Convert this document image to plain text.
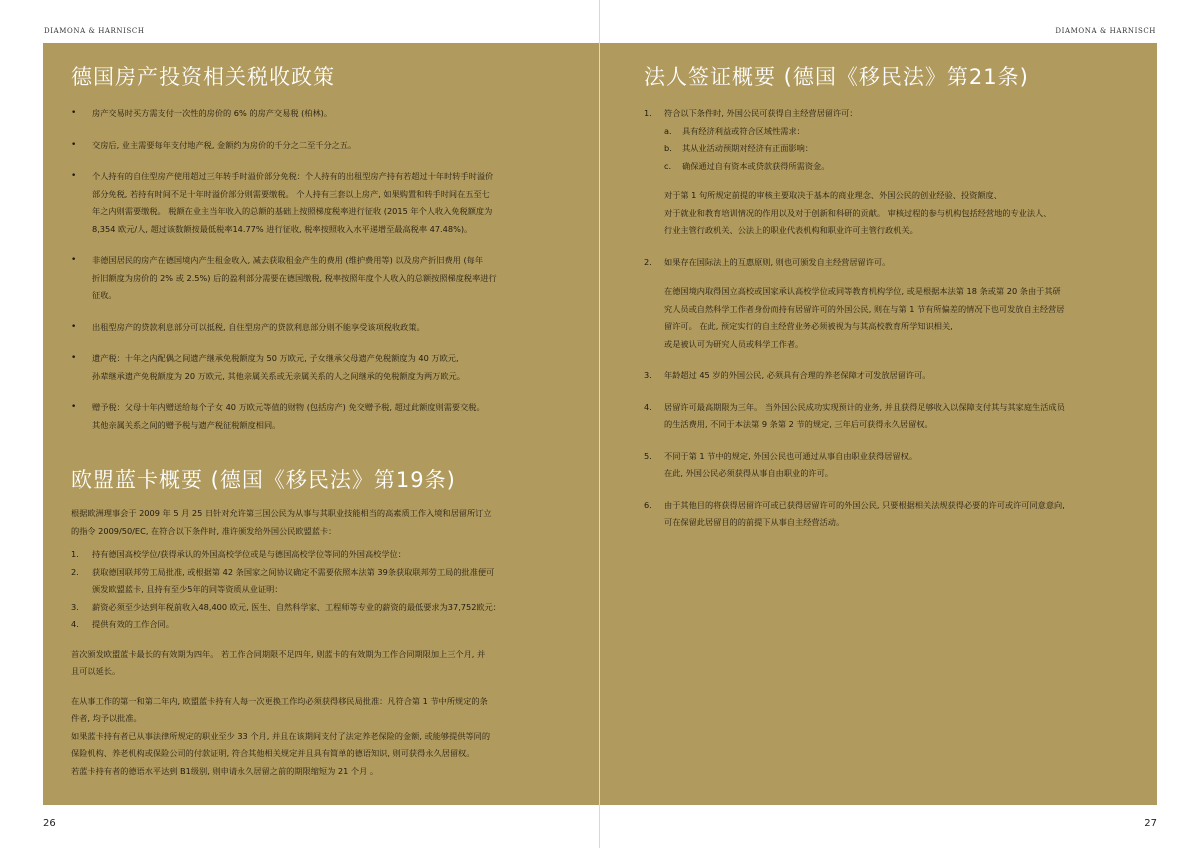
DIAMONA & HARNISCH
德国房产投资相关税收政策
• 房产交易时买方需支付一次性的房价的 6% 的房产交易税 (柏林)。

• 交房后, 业主需要每年支付地产税, 金额约为房价的千分之二至千分之五。

• 个人持有的自住型房产使用超过三年转手时溢价部分免税：个人持有的出租型房产持有若超过十年时转手时溢价

部分免税, 若持有时间不足十年时溢价部分则需要缴税。 个人持有三套以上房产, 如果购置和转手时间在五至七

年之内则需要缴税。 税额在业主当年收入的总额的基础上按照梯度税率进行征收 (2015 年个人收入免税额度为

8,354 欧元/人, 超过该数额按最低税率14.77% 进行征收, 税率按照收入水平递增至最高税率 47.48%)。

• 非德国居民的房产在德国境内产生租金收入, 减去获取租金产生的费用 (维护费用等) 以及房产折旧费用 (每年

折旧额度为房价的 2% 或 2.5%) 后的盈利部分需要在德国缴税, 税率按照年度个人收入的总额按照梯度税率进行

征收。

• 出租型房产的贷款利息部分可以抵税, 自住型房产的贷款利息部分则不能享受该项税收政策。

• 遗产税：十年之内配偶之间遗产继承免税额度为 50 万欧元, 子女继承父母遗产免税额度为 40 万欧元,

孙辈继承遗产免税额度为 20 万欧元, 其他亲属关系或无亲属关系的人之间继承的免税额度为两万欧元。

• 赠予税：父母十年内赠送给每个子女 40 万欧元等值的财物 (包括房产) 免交赠予税, 超过此额度则需要交税。

其他亲属关系之间的赠予税与遗产税征税额度相同。

欧盟蓝卡概要 (德国《移民法》第19条)

根据欧洲理事会于 2009 年 5 月 25 日针对允许第三国公民为从事与其职业技能相当的高素质工作入境和居留所订立

的指令 2009/50/EC, 在符合以下条件时, 准许颁发给外国公民欧盟蓝卡：

1. 持有德国高校学位/获得承认的外国高校学位或是与德国高校学位等同的外国高校学位：

2. 获取德国联邦劳工局批准, 或根据第 42 条国家之间协议确定不需要依照本法第 39条获取联邦劳工局的批准便可

颁发欧盟蓝卡, 且持有至少5年的同等资质从业证明：

3. 薪资必须至少达到年税前收入48,400 欧元, 医生、自然科学家、工程师等专业的薪资的最低要求为37,752欧元：

4. 提供有效的工作合同。

首次颁发欧盟蓝卡最长的有效期为四年。 若工作合同期限不足四年, 则蓝卡的有效期为工作合同期限加上三个月, 并

且可以延长。

在从事工作的第一和第二年内, 欧盟蓝卡持有人每一次更换工作均必须获得移民局批准：凡符合第 1 节中所规定的条

件者, 均予以批准。

如果蓝卡持有者已从事法律所规定的职业至少 33 个月, 并且在该期间支付了法定养老保险的金额, 或能够提供等同的

保险机构、养老机构或保险公司的付款证明, 符合其他相关规定并且具有简单的德语知识, 则可获得永久居留权。

若蓝卡持有者的德语水平达到 B1级别, 则申请永久居留之前的期限缩短为 21 个月 。

26
DIAMONA & HARNISCH
法人签证概要 (德国《移民法》第21条)
1. 符合以下条件时, 外国公民可获得自主经营居留许可：

a. 具有经济利益或符合区域性需求：

b. 其从业活动预期对经济有正面影响：

c. 确保通过自有资本或贷款获得所需资金。

对于第 1 句所规定前提的审核主要取决于基本的商业理念、外国公民的创业经验、投资额度、

对于就业和教育培训情况的作用以及对于创新和科研的贡献。 审核过程的参与机构包括经营地的专业法人、

行业主管行政机关、公法上的职业代表机构和职业许可主管行政机关。

2. 如果存在国际法上的互惠原则, 则也可颁发自主经营居留许可。

在德国境内取得国立高校或国家承认高校学位或同等教育机构学位, 或是根据本法第 18 条或第 20 条由于其研

究人员或自然科学工作者身份而持有居留许可的外国公民, 则在与第 1 节有所偏差的情况下也可发放自主经营居

留许可。 在此, 预定实行的自主经营业务必须被视为与其高校教育所学知识相关,

或是被认可为研究人员或科学工作者。

3. 年龄超过 45 岁的外国公民, 必须具有合理的养老保障才可发放居留许可。

4. 居留许可最高期限为三年。 当外国公民成功实现预计的业务, 并且获得足够收入以保障支付其与其家庭生活成员

的生活费用, 不同于本法第 9 条第 2 节的规定, 三年后可获得永久居留权。

5. 不同于第 1 节中的规定, 外国公民也可通过从事自由职业获得居留权。

在此, 外国公民必须获得从事自由职业的许可。

6. 由于其他目的将获得居留许可或已获得居留许可的外国公民, 只要根据相关法规获得必要的许可或许可同意意向,

可在保留此居留目的的前提下从事自主经营活动。

27
